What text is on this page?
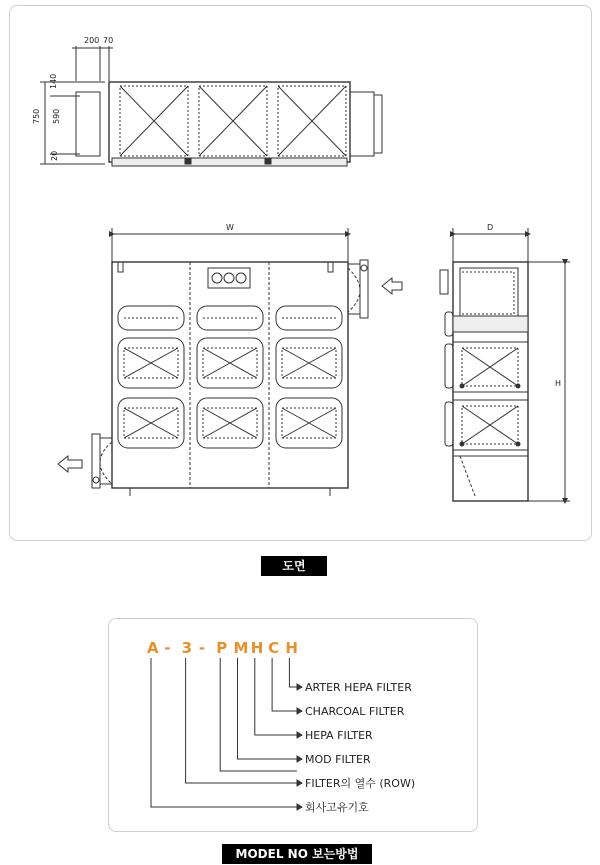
200 70
750
140
590
20
W	D
H
도면
A - 3 - P M H C H
ARTER HEPA FILTER
CHARCOAL FILTER
HEPA FILTER
MOD FILTER
FILTER의 열수 (ROW)
회사고유기호
MODEL NO 보는방법
